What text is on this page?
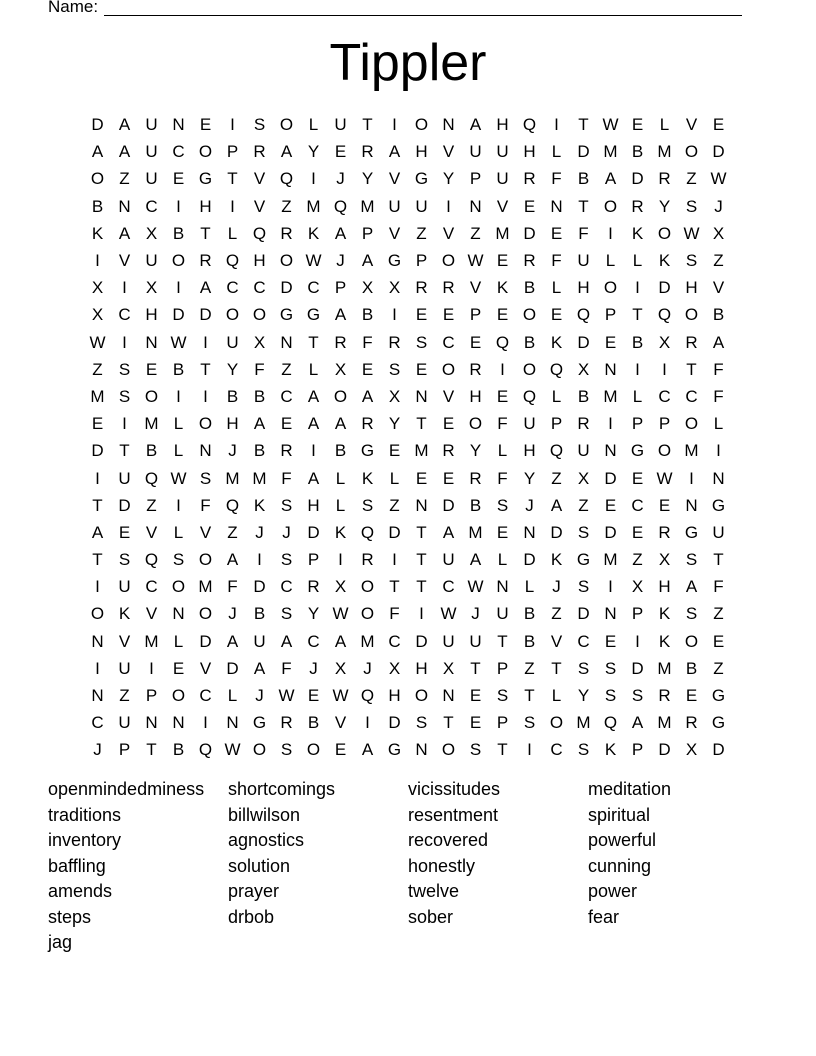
Name:
Tippler
D A U N E	I	S O L U T	I	O N A H Q	I	T W E L V E
A A U C O P R A Y E R A H V U U H L D M B M O D
O Z U E G T V Q	I	J	Y V G Y P U R F B A D R Z W
B N C	I	H	I	V Z M Q M U U	I	N V E N T O R Y S	J
K A X B T	L Q R K A P V Z V Z M D E F	I	K O W X
I	V U O R Q H O W J	A G P O W E R F U L	L K S Z
X	I	X	I	A C C D C P X X R R V K B L H O	I	D H V
X C H D D O O G G A B	I	E E P E O E Q P T Q O B
W I	N W I	U X N T R F R S C E Q B K D E B X R A
Z S E B T Y F Z	L X E S E O R	I	O Q X N	I	I	T F
M S O	I	I	B B C A O A X N V H E Q L B M L C C F
E	I	M L O H A E A A R Y T E O F U P R	I	P P O L
D T B L N J	B R	I	B G E M R Y L H Q U N G O M	I
I	U Q W S M M F A L K L E E R F Y Z X D E W I	N
T D Z	I	F Q K S H L S Z N D B S	J	A Z E C E N G
A E V L V Z	J	J D K Q D T A M E N D S D E R G U
T S Q S O A	I	S P	I	R	I	T U A L D K G M Z X S T
I	U C O M F D C R X O T T C W N L	J	S	I	X H A F
O K V N O J	B S Y W O F	I W J U B Z D N P K S Z
N V M L D A U A C A M C D U U T B V C E	I	K O E
I	U	I	E V D A F	J	X	J	X H X T P Z T S S D M B Z
N Z P O C L	J W E W Q H O N E S T	L Y S S R E G
C U N N	I	N G R B V	I	D S T E P S O M Q A M R G
J	P T B Q W O S O E A G N O S T	I	C S K P D X D
openmindedminess	shortcomings	vicissitudes	meditation
traditions	billwilson	resentment	spiritual
inventory	agnostics	recovered	powerful
baffling	solution	honestly	cunning
amends	prayer	twelve	power
steps	drbob	sober	fear
jag
